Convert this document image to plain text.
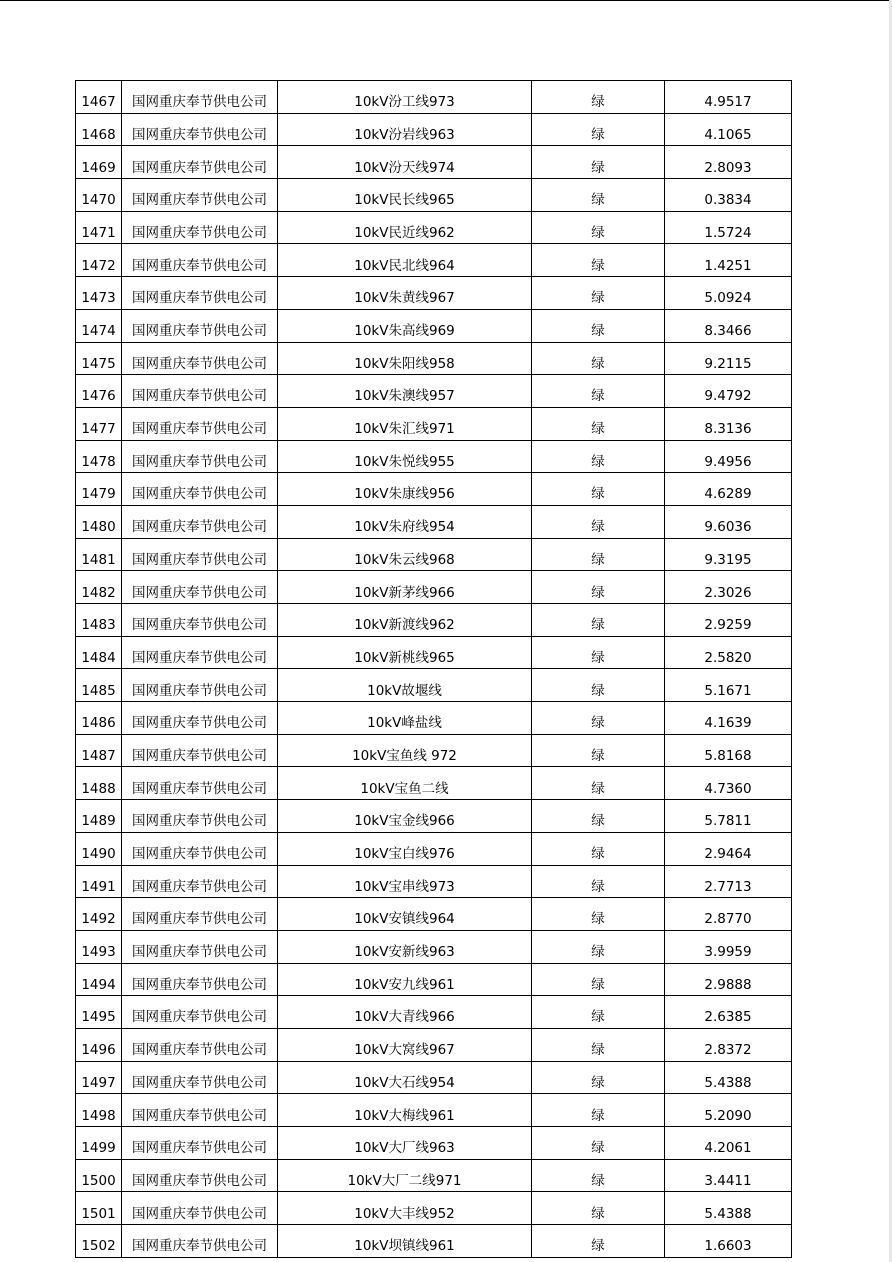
1467	国网重庆奉节供电公司	10kV汾工线973	绿	4.9517
1468	国网重庆奉节供电公司	10kV汾岩线963	绿	4.1065
1469	国网重庆奉节供电公司	10kV汾天线974	绿	2.8093
1470	国网重庆奉节供电公司	10kV民长线965	绿	0.3834
1471	国网重庆奉节供电公司	10kV民近线962	绿	1.5724
1472	国网重庆奉节供电公司	10kV民北线964	绿	1.4251
1473	国网重庆奉节供电公司	10kV朱黄线967	绿	5.0924
1474	国网重庆奉节供电公司	10kV朱高线969	绿	8.3466
1475	国网重庆奉节供电公司	10kV朱阳线958	绿	9.2115
1476	国网重庆奉节供电公司	10kV朱澳线957	绿	9.4792
1477	国网重庆奉节供电公司	10kV朱汇线971	绿	8.3136
1478	国网重庆奉节供电公司	10kV朱悦线955	绿	9.4956
1479	国网重庆奉节供电公司	10kV朱康线956	绿	4.6289
1480	国网重庆奉节供电公司	10kV朱府线954	绿	9.6036
1481	国网重庆奉节供电公司	10kV朱云线968	绿	9.3195
1482	国网重庆奉节供电公司	10kV新茅线966	绿	2.3026
1483	国网重庆奉节供电公司	10kV新渡线962	绿	2.9259
1484	国网重庆奉节供电公司	10kV新桃线965	绿	2.5820
1485	国网重庆奉节供电公司	10kV故堰线	绿	5.1671
1486	国网重庆奉节供电公司	10kV峰盐线	绿	4.1639
1487	国网重庆奉节供电公司	10kV宝鱼线 972	绿	5.8168
1488	国网重庆奉节供电公司	10kV宝鱼二线	绿	4.7360
1489	国网重庆奉节供电公司	10kV宝金线966	绿	5.7811
1490	国网重庆奉节供电公司	10kV宝白线976	绿	2.9464
1491	国网重庆奉节供电公司	10kV宝串线973	绿	2.7713
1492	国网重庆奉节供电公司	10kV安镇线964	绿	2.8770
1493	国网重庆奉节供电公司	10kV安新线963	绿	3.9959
1494	国网重庆奉节供电公司	10kV安九线961	绿	2.9888
1495	国网重庆奉节供电公司	10kV大青线966	绿	2.6385
1496	国网重庆奉节供电公司	10kV大窝线967	绿	2.8372
1497	国网重庆奉节供电公司	10kV大石线954	绿	5.4388
1498	国网重庆奉节供电公司	10kV大梅线961	绿	5.2090
1499	国网重庆奉节供电公司	10kV大厂线963	绿	4.2061
1500	国网重庆奉节供电公司	10kV大厂二线971	绿	3.4411
1501	国网重庆奉节供电公司	10kV大丰线952	绿	5.4388
1502	国网重庆奉节供电公司	10kV坝镇线961	绿	1.6603
